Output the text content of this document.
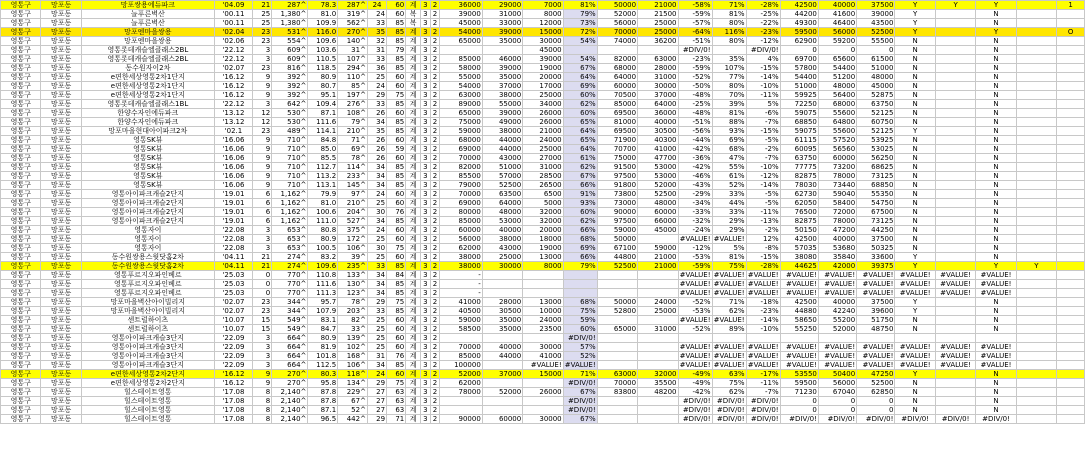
영통구	망포동	망포쌍용에듀파크	'04.09	21	287^	78.3	287^	24	60	계	3	2	36000	29000	7000	81%	50000	21000	-58%	71%	-28%	42500	40000	37500	Y	Y	Y		1
영통구	망포동	늘푸른벽산	'00.11	25	1,380^	81.0	319^	24	60	복	3	2	39000	31000	8000	79%	52000	21500	-59%	81%	-25%	44200	41600	39000	Y		N		
영통구	망포동	늘푸른벽산	'00.11	25	1,380^	109.9	562^	33	85	복	3	2	45000	33000	12000	73%	56000	25000	-57%	80%	-22%	49300	46400	43500	Y		N		
영통구	망포동	망포엔마을쌍용	'02.04	23	531^	116.0	270^	35	85	계	3	2	54000	39000	15000	72%	70000	25000	-64%	116%	-23%	59500	56000	52500	Y		Y		O
영통구	망포동	망포엔마을쌍용	'02.06	23	554^	109.6	140^	32	85	계	3	2	65000	35000	30000	54%	74000	36200	-51%	80%	-12%	62900	59200	55500	N		N		
영통구	망포동	영통롯데캐슬엘클래스2BL	'22.12	3	609^	103.6	31^	31	79	계	3	2			45000				#DIV/0!		#DIV/0!	0	0	0	N		N		
영통구	망포동	영통롯데캐슬엘클래스2BL	'22.12	3	609^	110.5	107^	33	85	계	3	2	85000	46000	39000	54%	82000	63000	-23%	35%	4%	69700	65600	61500	N		N		
영통구	망포동	동수원자이2차	'02.07	23	816^	118.5	294^	36	85	계	3	2	58000	39000	19000	67%	68000	28000	-59%	107%	-15%	57800	54400	51000	N		N		
영통구	망포동	e편한세상영통2차1단지	'16.12	9	392^	80.9	110^	25	60	계	3	2	55000	35000	20000	64%	64000	31000	-52%	77%	-14%	54400	51200	48000	N		N		
영통구	망포동	e편한세상영통2차1단지	'16.12	9	392^	80.7	85^	24	60	계	3	2	54000	37000	17000	69%	60000	30000	-50%	80%	-10%	51000	48000	45000	N		N		
영통구	망포동	e편한세상영통2차1단지	'16.12	9	392^	95.1	197^	29	75	계	3	2	63000	38000	25000	60%	70500	37000	-48%	70%	-11%	59925	56400	52875	N		N		
영통구	망포동	영통롯데캐슬엘클래스1BL	'22.12	3	642^	109.4	276^	33	85	계	3	2	89000	55000	34000	62%	85000	64000	-25%	39%	5%	72250	68000	63750	N		N		
영통구	망포동	한양수자인에듀파크	'13.12	12	530^	87.1	108^	26	60	계	3	2	65000	39000	26000	60%	69500	36000	-48%	81%	-6%	59075	55600	52125	N		N		
영통구	망포동	한양수자인에듀파크	'13.12	12	530^	111.6	79^	34	85	계	3	2	75000	49000	26000	65%	81000	40000	-51%	88%	-7%	68850	64800	60750	N		N		
영통구	망포동	망포마을현대아이파크2차	'02.1	23	489^	114.1	210^	35	85	계	3	2	59000	38000	21000	64%	69500	30500	-56%	93%	-15%	59075	55600	52125	Y		N		
영통구	망포동	영통SK뷰	'16.06	9	710^	84.8	71^	26	60	계	3	2	68000	44000	24000	65%	71900	40300	-44%	69%	-5%	61115	57520	53925	N		N		
영통구	망포동	영통SK뷰	'16.06	9	710^	85.0	69^	26	59	계	3	2	69000	44000	25000	64%	70700	41000	-42%	68%	-2%	60095	56560	53025	N		N		
영통구	망포동	영통SK뷰	'16.06	9	710^	85.5	78^	26	60	계	3	2	70000	43000	27000	61%	75000	47700	-36%	47%	-7%	63750	60000	56250	N		N		
영통구	망포동	영통SK뷰	'16.06	9	710^	112.7	114^	34	85	계	3	2	82000	51000	31000	62%	91500	53000	-42%	55%	-10%	77775	73200	68625	N		N		
영통구	망포동	영통SK뷰	'16.06	9	710^	113.2	233^	34	85	계	3	2	85500	57000	28500	67%	97500	53000	-46%	61%	-12%	82875	78000	73125	N		N		
영통구	망포동	영통SK뷰	'16.06	9	710^	113.1	145^	34	85	계	3	2	79000	52500	26500	66%	91800	52000	-43%	52%	-14%	78030	73440	68850	N		N		
영통구	망포동	영통아이파크캐슬2단지	'19.01	6	1,162^	79.9	97^	24	60	계	3	2	70000	63500	6500	91%	73800	52500	-29%	33%	-5%	62730	59040	55350	N		N		
영통구	망포동	영통아이파크캐슬2단지	'19.01	6	1,162^	81.0	210^	25	60	계	3	2	69000	64000	5000	93%	73000	48000	-34%	44%	-5%	62050	58400	54750	N		N		
영통구	망포동	영통아이파크캐슬2단지	'19.01	6	1,162^	100.6	204^	30	76	계	3	2	80000	48000	32000	60%	90000	60000	-33%	33%	-11%	76500	72000	67500	N		N		
영통구	망포동	영통아이파크캐슬2단지	'19.01	6	1,162^	111.0	527^	34	85	계	3	2	85000	53000	32000	62%	97500	66000	-32%	29%	-13%	82875	78000	73125	N		N		
영통구	망포동	영통자이	'22.08	3	653^	80.8	375^	24	60	계	3	2	60000	40000	20000	66%	59000	45000	-24%	29%	-2%	50150	47200	44250	N		N		
영통구	망포동	영통자이	'22.08	3	653^	80.9	172^	25	60	계	3	2	56000	38000	18000	68%	50000		#VALUE!	#VALUE!	12%	42500	40000	37500	N		N		
영통구	망포동	영통자이	'22.08	3	653^	100.5	106^	30	75	계	3	2	62000	43000	19000	69%	67100	59000	-12%	5%	-8%	57035	53680	50325	N		N		
영통구	망포동	동수원쌍용스윗닷홈2차	'04.11	21	274^	83.2	39^	25	60	계	3	2	38000	25000	13000	66%	44800	21000	-53%	81%	-15%	38080	35840	33600	Y		N		
영통구	망포동	동수원쌍용스윗닷홈2차	'04.11	21	274^	109.6	235^	33	85	계	3	2	38000	30000	8000	79%	52500	21000	-59%	75%	-28%	44625	42000	39375	Y		Y	Y	
영통구	망포동	영통푸르지오파인베르	'25.03	0	770^	110.8	133^	34	84	계	3	2	-						#VALUE!	#VALUE!	#VALUE!	#VALUE!	#VALUE!	#VALUE!	#VALUE!	#VALUE!	#VALUE!		
영통구	망포동	영통푸르지오파인베르	'25.03	0	770^	111.6	130^	34	85	계	3	2	-						#VALUE!	#VALUE!	#VALUE!	#VALUE!	#VALUE!	#VALUE!	#VALUE!	#VALUE!	#VALUE!		
영통구	망포동	영통푸르지오파인베르	'25.03	0	770^	111.3	123^	34	85	계	3	2	-						#VALUE!	#VALUE!	#VALUE!	#VALUE!	#VALUE!	#VALUE!	#VALUE!	#VALUE!	#VALUE!		
영통구	망포동	망포마을벽산아이빌리지	'02.07	23	344^	95.7	78^	29	75	계	3	2	41000	28000	13000	68%	50000	24000	-52%	71%	-18%	42500	40000	37500	Y		N		
영통구	망포동	망포마을벽산아이빌리지	'02.07	23	344^	107.9	203^	33	85	계	3	2	40500	30500	10000	75%	52800	25000	-53%	62%	-23%	44880	42240	39600	Y		N		
영통구	망포동	센트럴하이츠	'10.07	15	549^	83.1	82^	25	60	계	3	2	59000	35000	24000	59%			#VALUE!	#VALUE!	-14%	58650	55200	51750	N		N		
영통구	망포동	센트럴하이츠	'10.07	15	549^	84.7	33^	25	60	계	3	2	58500	35000	23500	60%	65000	31000	-52%	89%	-10%	55250	52000	48750	N		N		
영통구	망포동	영통아이파크캐슬3단지	'22.09	3	664^	80.9	139^	25	60	계	3	2				#DIV/0!													
영통구	망포동	영통아이파크캐슬3단지	'22.09	3	664^	81.9	102^	25	60	계	3	2	70000	40000	30000	57%			#VALUE!	#VALUE!	#VALUE!	#VALUE!	#VALUE!	#VALUE!	#VALUE!	#VALUE!	#VALUE!		
영통구	망포동	영통아이파크캐슬3단지	'22.09	3	664^	101.8	168^	31	76	계	3	2	85000	44000	41000	52%			#VALUE!	#VALUE!	#VALUE!	#VALUE!	#VALUE!	#VALUE!	#VALUE!	#VALUE!	#VALUE!		
영통구	망포동	영통아이파크캐슬3단지	'22.09	3	664^	112.5	106^	34	85	계	3	2	100000		#VALUE!	#VALUE!			#VALUE!	#VALUE!	#VALUE!	#VALUE!	#VALUE!	#VALUE!	#VALUE!	#VALUE!	#VALUE!		
영통구	망포동	e편한세상영통2차2단지	'16.12	9	270^	80.3	118^	24	60	계	3	2	52000	37000	15000	71%	63000	32000	-49%	63%	-17%	53550	50400	47250	Y		N		
영통구	망포동	e편한세상영통2차2단지	'16.12	9	270^	95.8	134^	29	75	계	3	2	62000			#DIV/0!	70000	35500	-49%	75%	-11%	59500	56000	52500	N		N		
영통구	망포동	힐스테이트영통	'17.08	8	2,140^	87.8	229^	27	63	계	3	2	78000	52000	26000	67%	83800	48200	-42%	62%	-7%	71230	67040	62850	N		N		
영통구	망포동	힐스테이트영통	'17.08	8	2,140^	87.8	67^	27	63	계	3	2				#DIV/0!			#DIV/0!	#DIV/0!	#DIV/0!	0	0	0	N		N		
영통구	망포동	힐스테이트영통	'17.08	8	2,140^	87.1	52^	27	63	계	3	2				#DIV/0!			#DIV/0!	#DIV/0!	#DIV/0!	0	0	0	N		N		
영통구	망포동	힐스테이트영통	'17.08	8	2,140^	96.5	442^	29	71	계	3	2	90000	60000	30000	67%			#DIV/0!	#DIV/0!	#DIV/0!	#DIV/0!	#DIV/0!	#DIV/0!	#DIV/0!	#DIV/0!	#DIV/0!		
